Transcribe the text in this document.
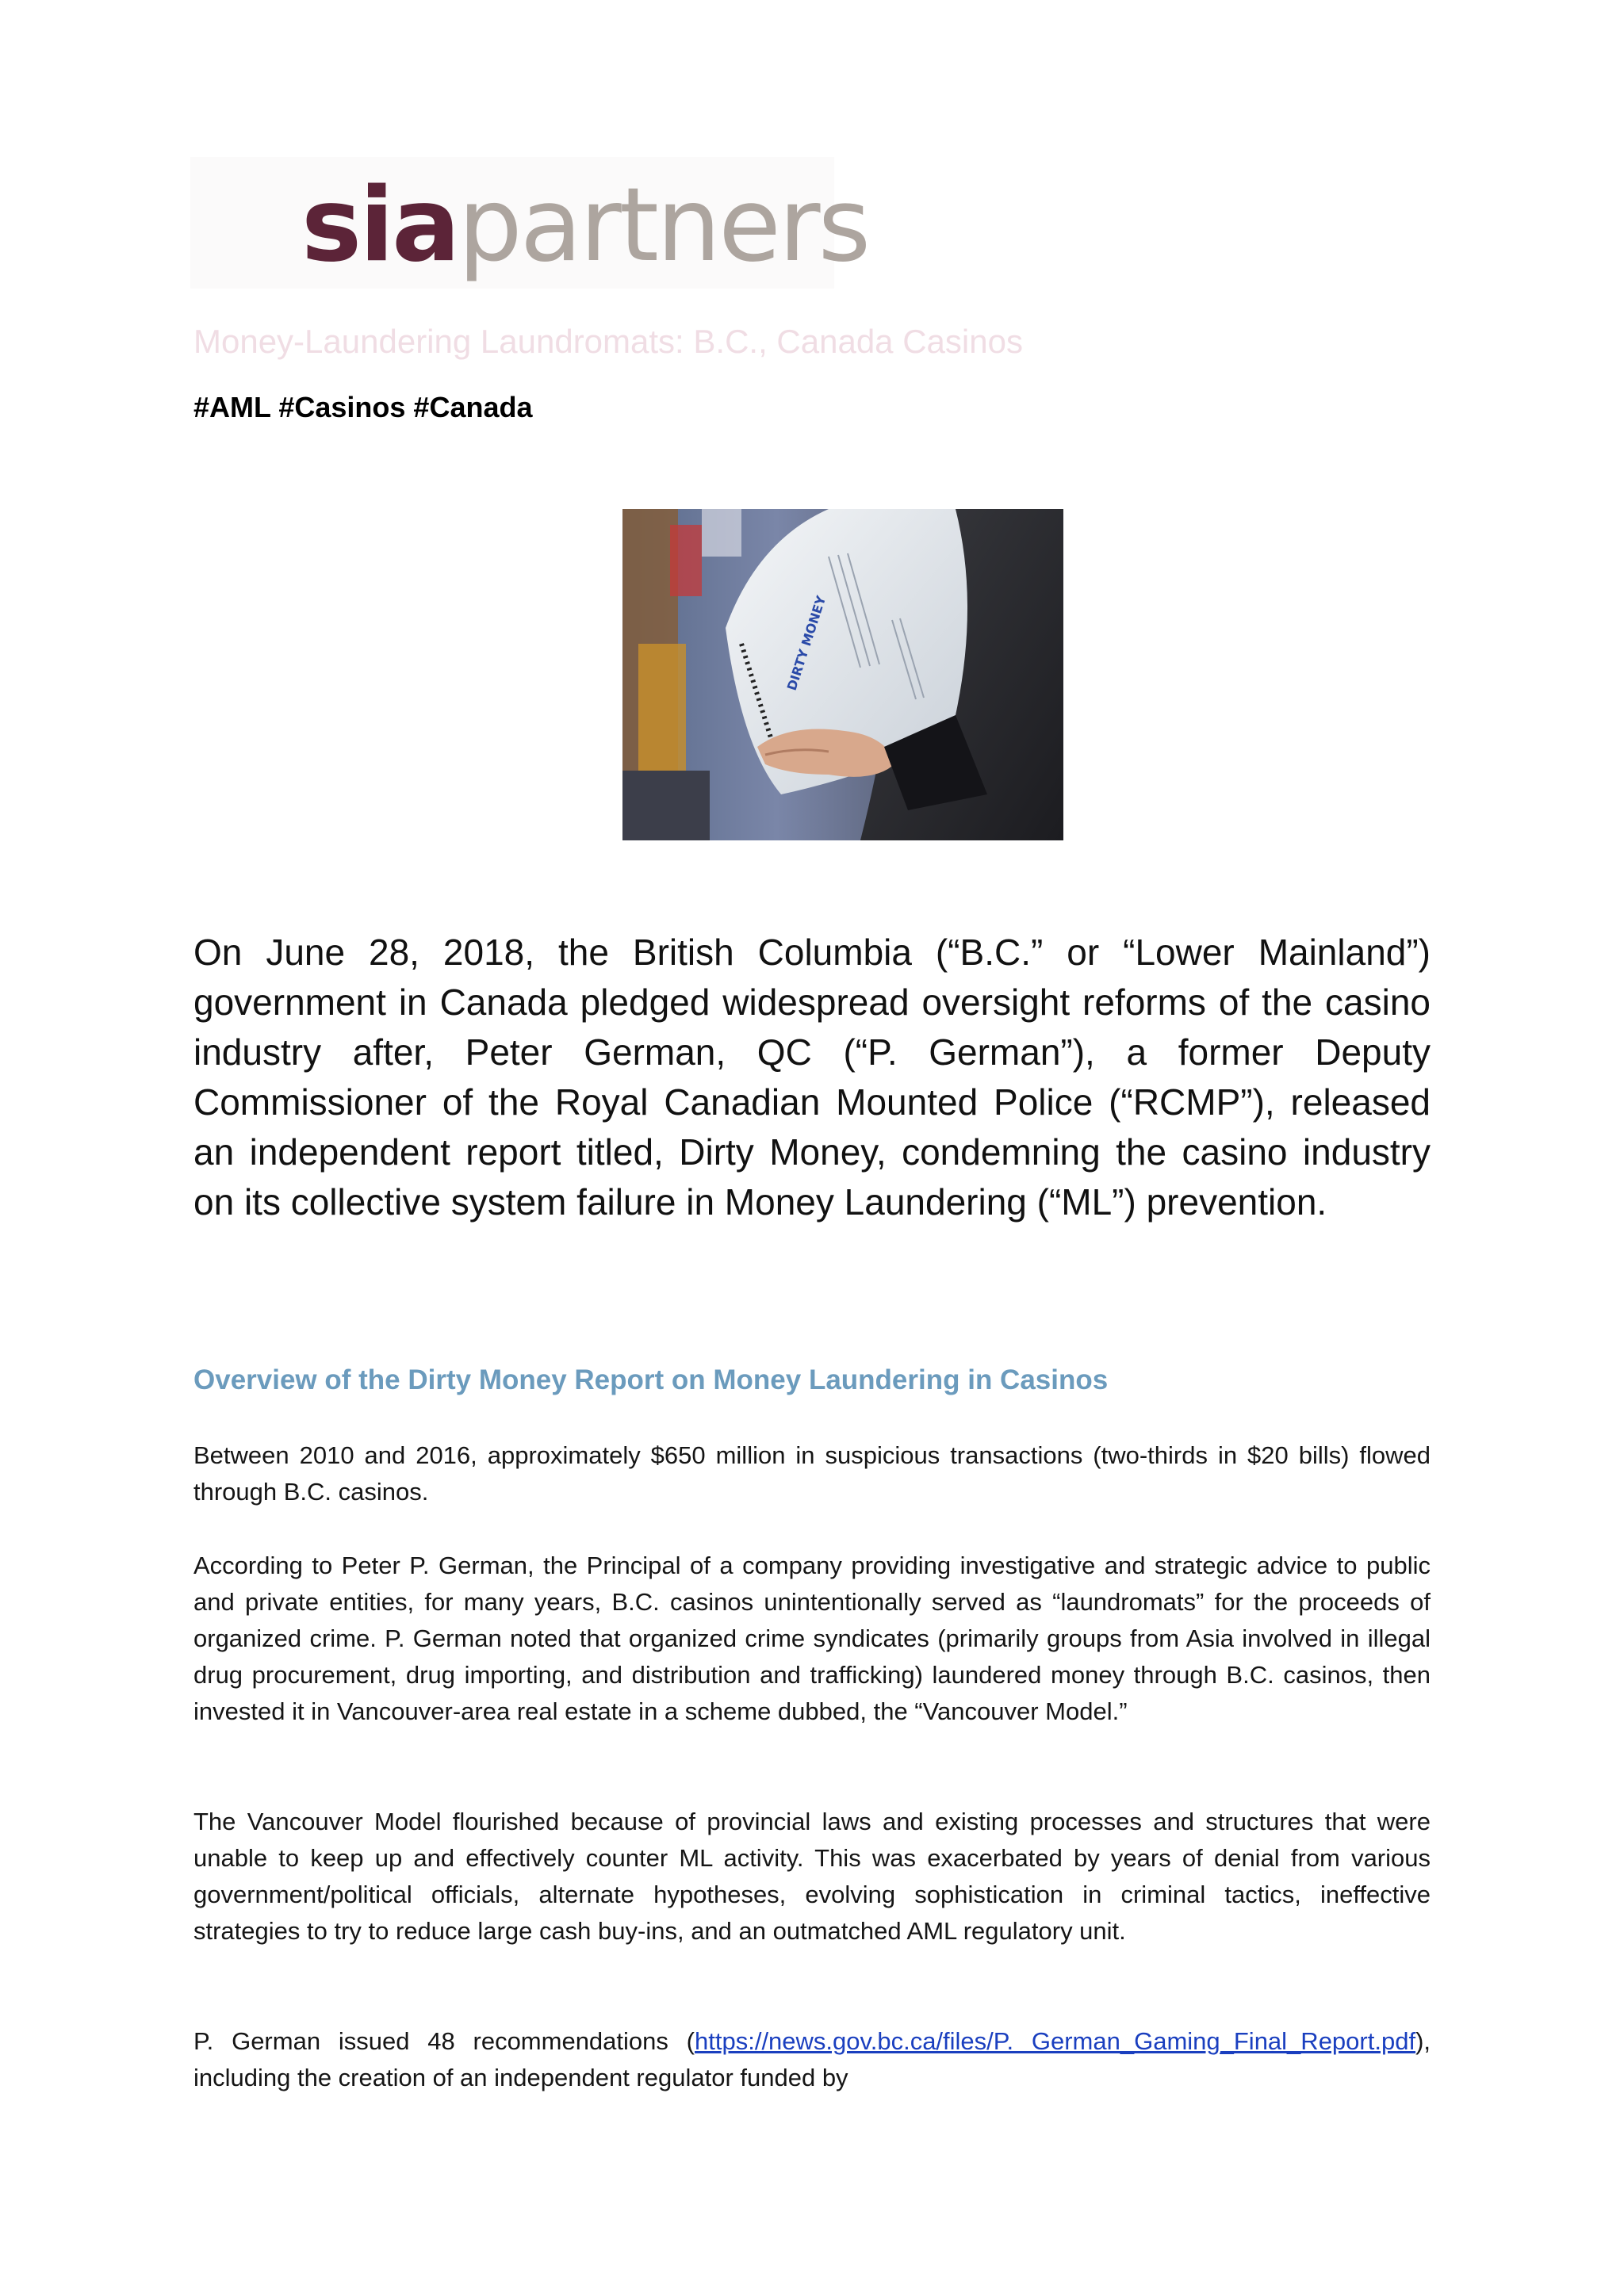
siapartners
Money-Laundering Laundromats: B.C., Canada Casinos
#AML #Casinos #Canada
DIRTY MONEY
On June 28, 2018, the British Columbia (“B.C.” or “Lower Mainland”) government in Canada pledged widespread oversight reforms of the casino industry after, Peter German, QC (“P. German”), a former Deputy Commissioner of the Royal Canadian Mounted Police (“RCMP”), released an independent report titled, Dirty Money, condemning the casino industry on its collective system failure in Money Laundering (“ML”) prevention.
Overview of the Dirty Money Report on Money Laundering in Casinos

Between 2010 and 2016, approximately $650 million in suspicious transactions (two-thirds in $20 bills) flowed through B.C. casinos.

According to Peter P. German, the Principal of a company providing investigative and strategic advice to public and private entities, for many years, B.C. casinos unintentionally served as “laundromats” for the proceeds of organized crime. P. German noted that organized crime syndicates (primarily groups from Asia involved in illegal drug procurement, drug importing, and distribution and trafficking) laundered money through B.C. casinos, then invested it in Vancouver-area real estate in a scheme dubbed, the “Vancouver Model.”

The Vancouver Model flourished because of provincial laws and existing processes and structures that were unable to keep up and effectively counter ML activity. This was exacerbated by years of denial from various government/political officials, alternate hypotheses, evolving sophistication in criminal tactics, ineffective strategies to try to reduce large cash buy-ins, and an outmatched AML regulatory unit.

P. German issued 48 recommendations (https://news.gov.bc.ca/files/P. German_Gaming_Final_Report.pdf), including the creation of an independent regulator funded by
